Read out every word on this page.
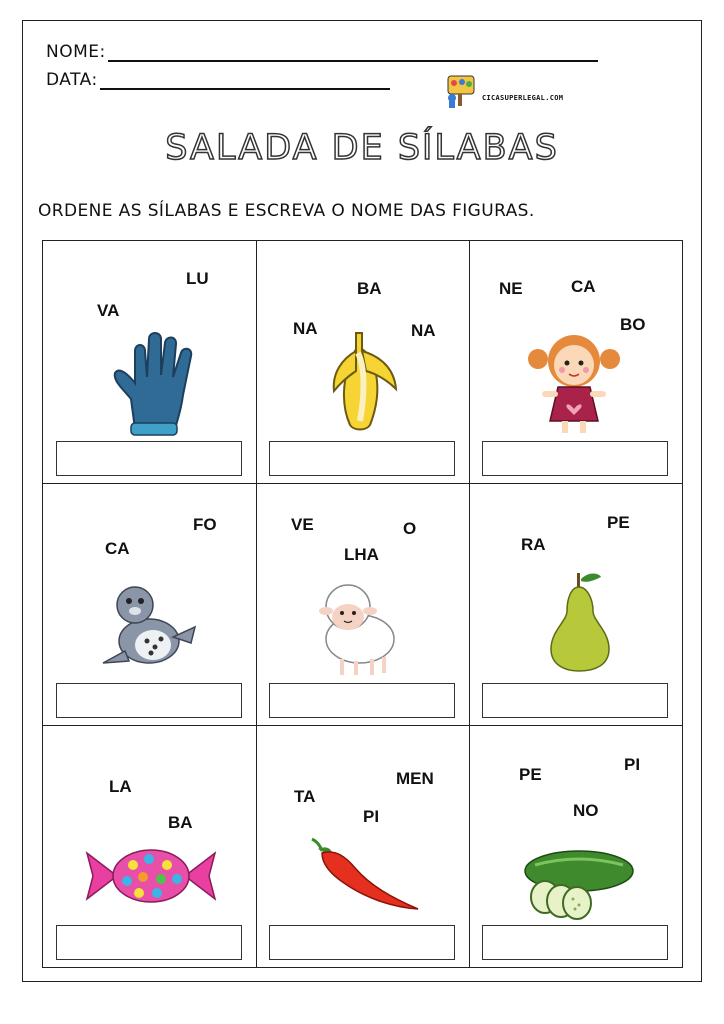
NOME:
DATA:
CICASUPERLEGAL.COM
SALADA DE SÍLABAS
ORDENE AS SÍLABAS E ESCREVA O NOME DAS FIGURAS.
LU
VA
BA
NA	NA
NE	CA
BO
FO
CA
VE	O
LHA
PE
RA
LA
BA
MEN
TA
PI
PI
PE
NO
